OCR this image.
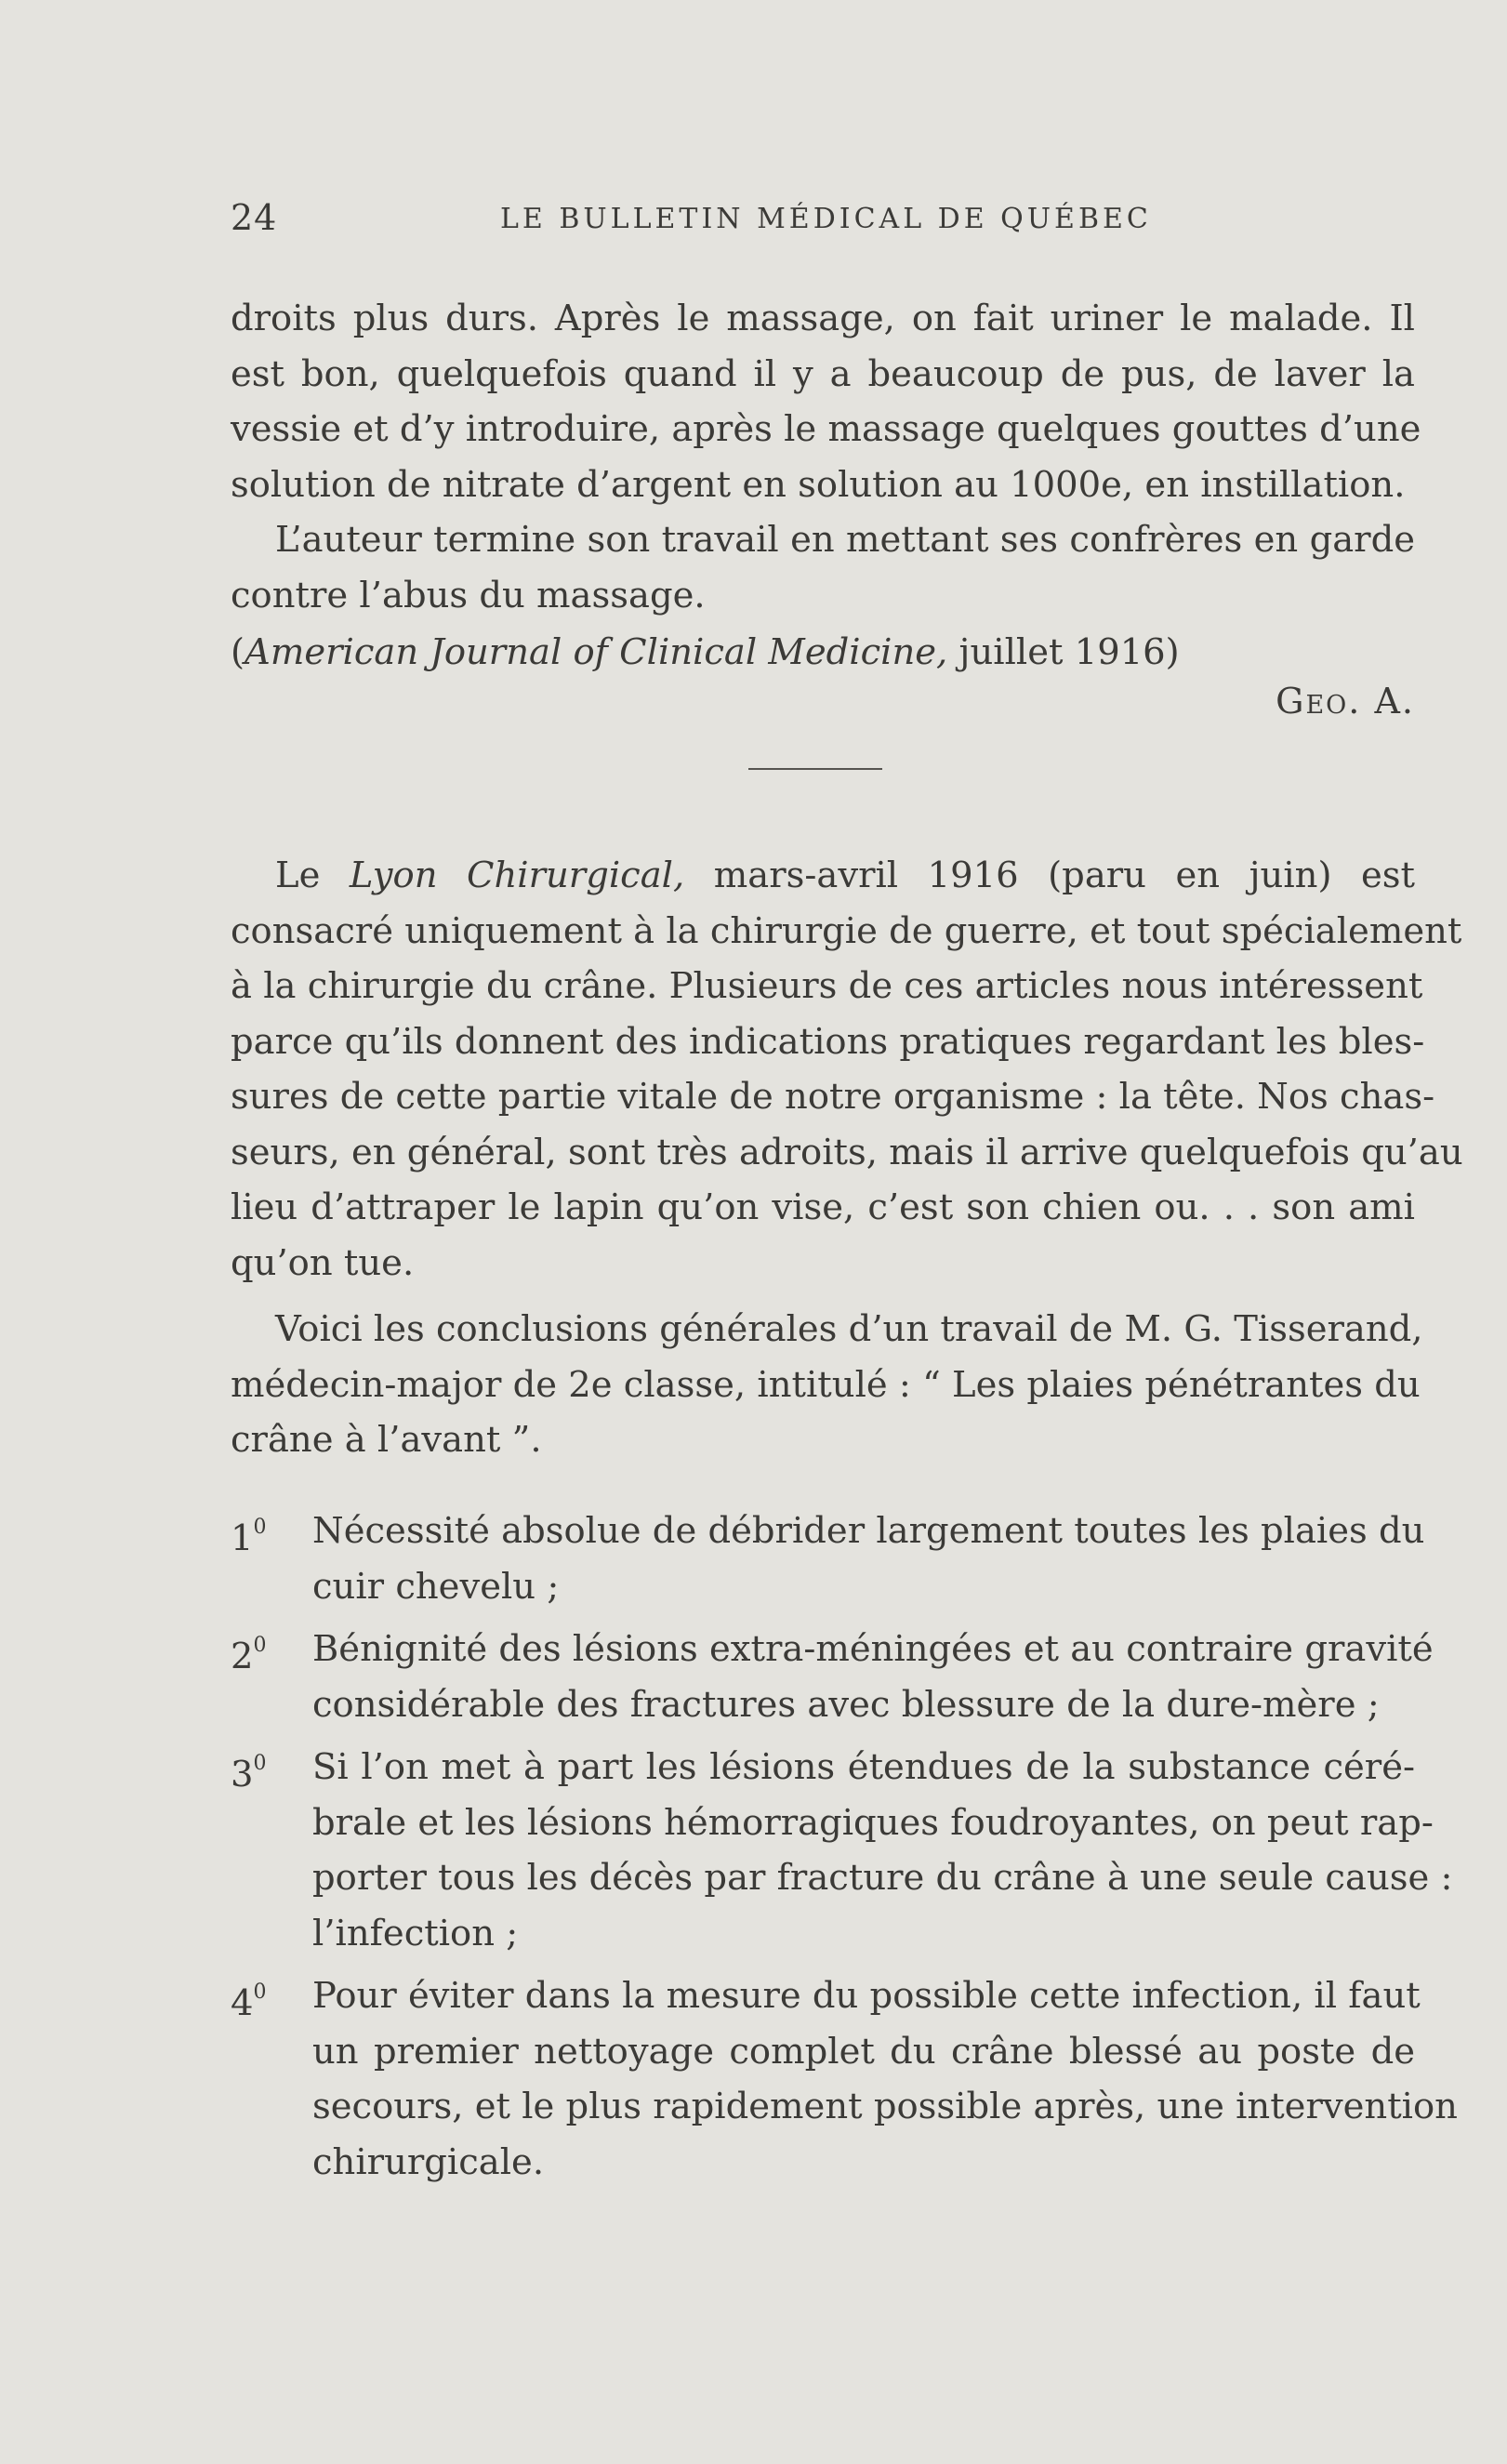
24	LE BULLETIN MÉDICAL DE QUÉBEC
droits plus durs. Après le massage, on fait uriner le malade. Il
est bon, quelquefois quand il y a beaucoup de pus, de laver la
vessie et d’y introduire, après le massage quelques gouttes d’une
solution de nitrate d’argent en solution au 1000e, en instillation.
L’auteur termine son travail en mettant ses confrères en garde
contre l’abus du massage.
(American Journal of Clinical Medicine, juillet 1916)
Geo. A.
Le Lyon Chirurgical, mars-avril 1916 (paru en juin) est
consacré uniquement à la chirurgie de guerre, et tout spécialement
à la chirurgie du crâne. Plusieurs de ces articles nous intéressent
parce qu’ils donnent des indications pratiques regardant les bles-
sures de cette partie vitale de notre organisme : la tête. Nos chas-
seurs, en général, sont très adroits, mais il arrive quelquefois qu’au
lieu d’attraper le lapin qu’on vise, c’est son chien ou. . . son ami
qu’on tue.
Voici les conclusions générales d’un travail de M. G. Tisserand,
médecin-major de 2e classe, intitulé : “ Les plaies pénétrantes du
crâne à l’avant ”.
$1^0$ Nécessité absolue de débrider largement toutes les plaies du
cuir chevelu ;
$2^0$ Bénignité des lésions extra-méningées et au contraire gravité
considérable des fractures avec blessure de la dure-mère ;
$3^0$ Si l’on met à part les lésions étendues de la substance céré-
brale et les lésions hémorragiques foudroyantes, on peut rap-
porter tous les décès par fracture du crâne à une seule cause :
l’infection ;
$4^0$ Pour éviter dans la mesure du possible cette infection, il faut
un premier nettoyage complet du crâne blessé au poste de
secours, et le plus rapidement possible après, une intervention
chirurgicale.
